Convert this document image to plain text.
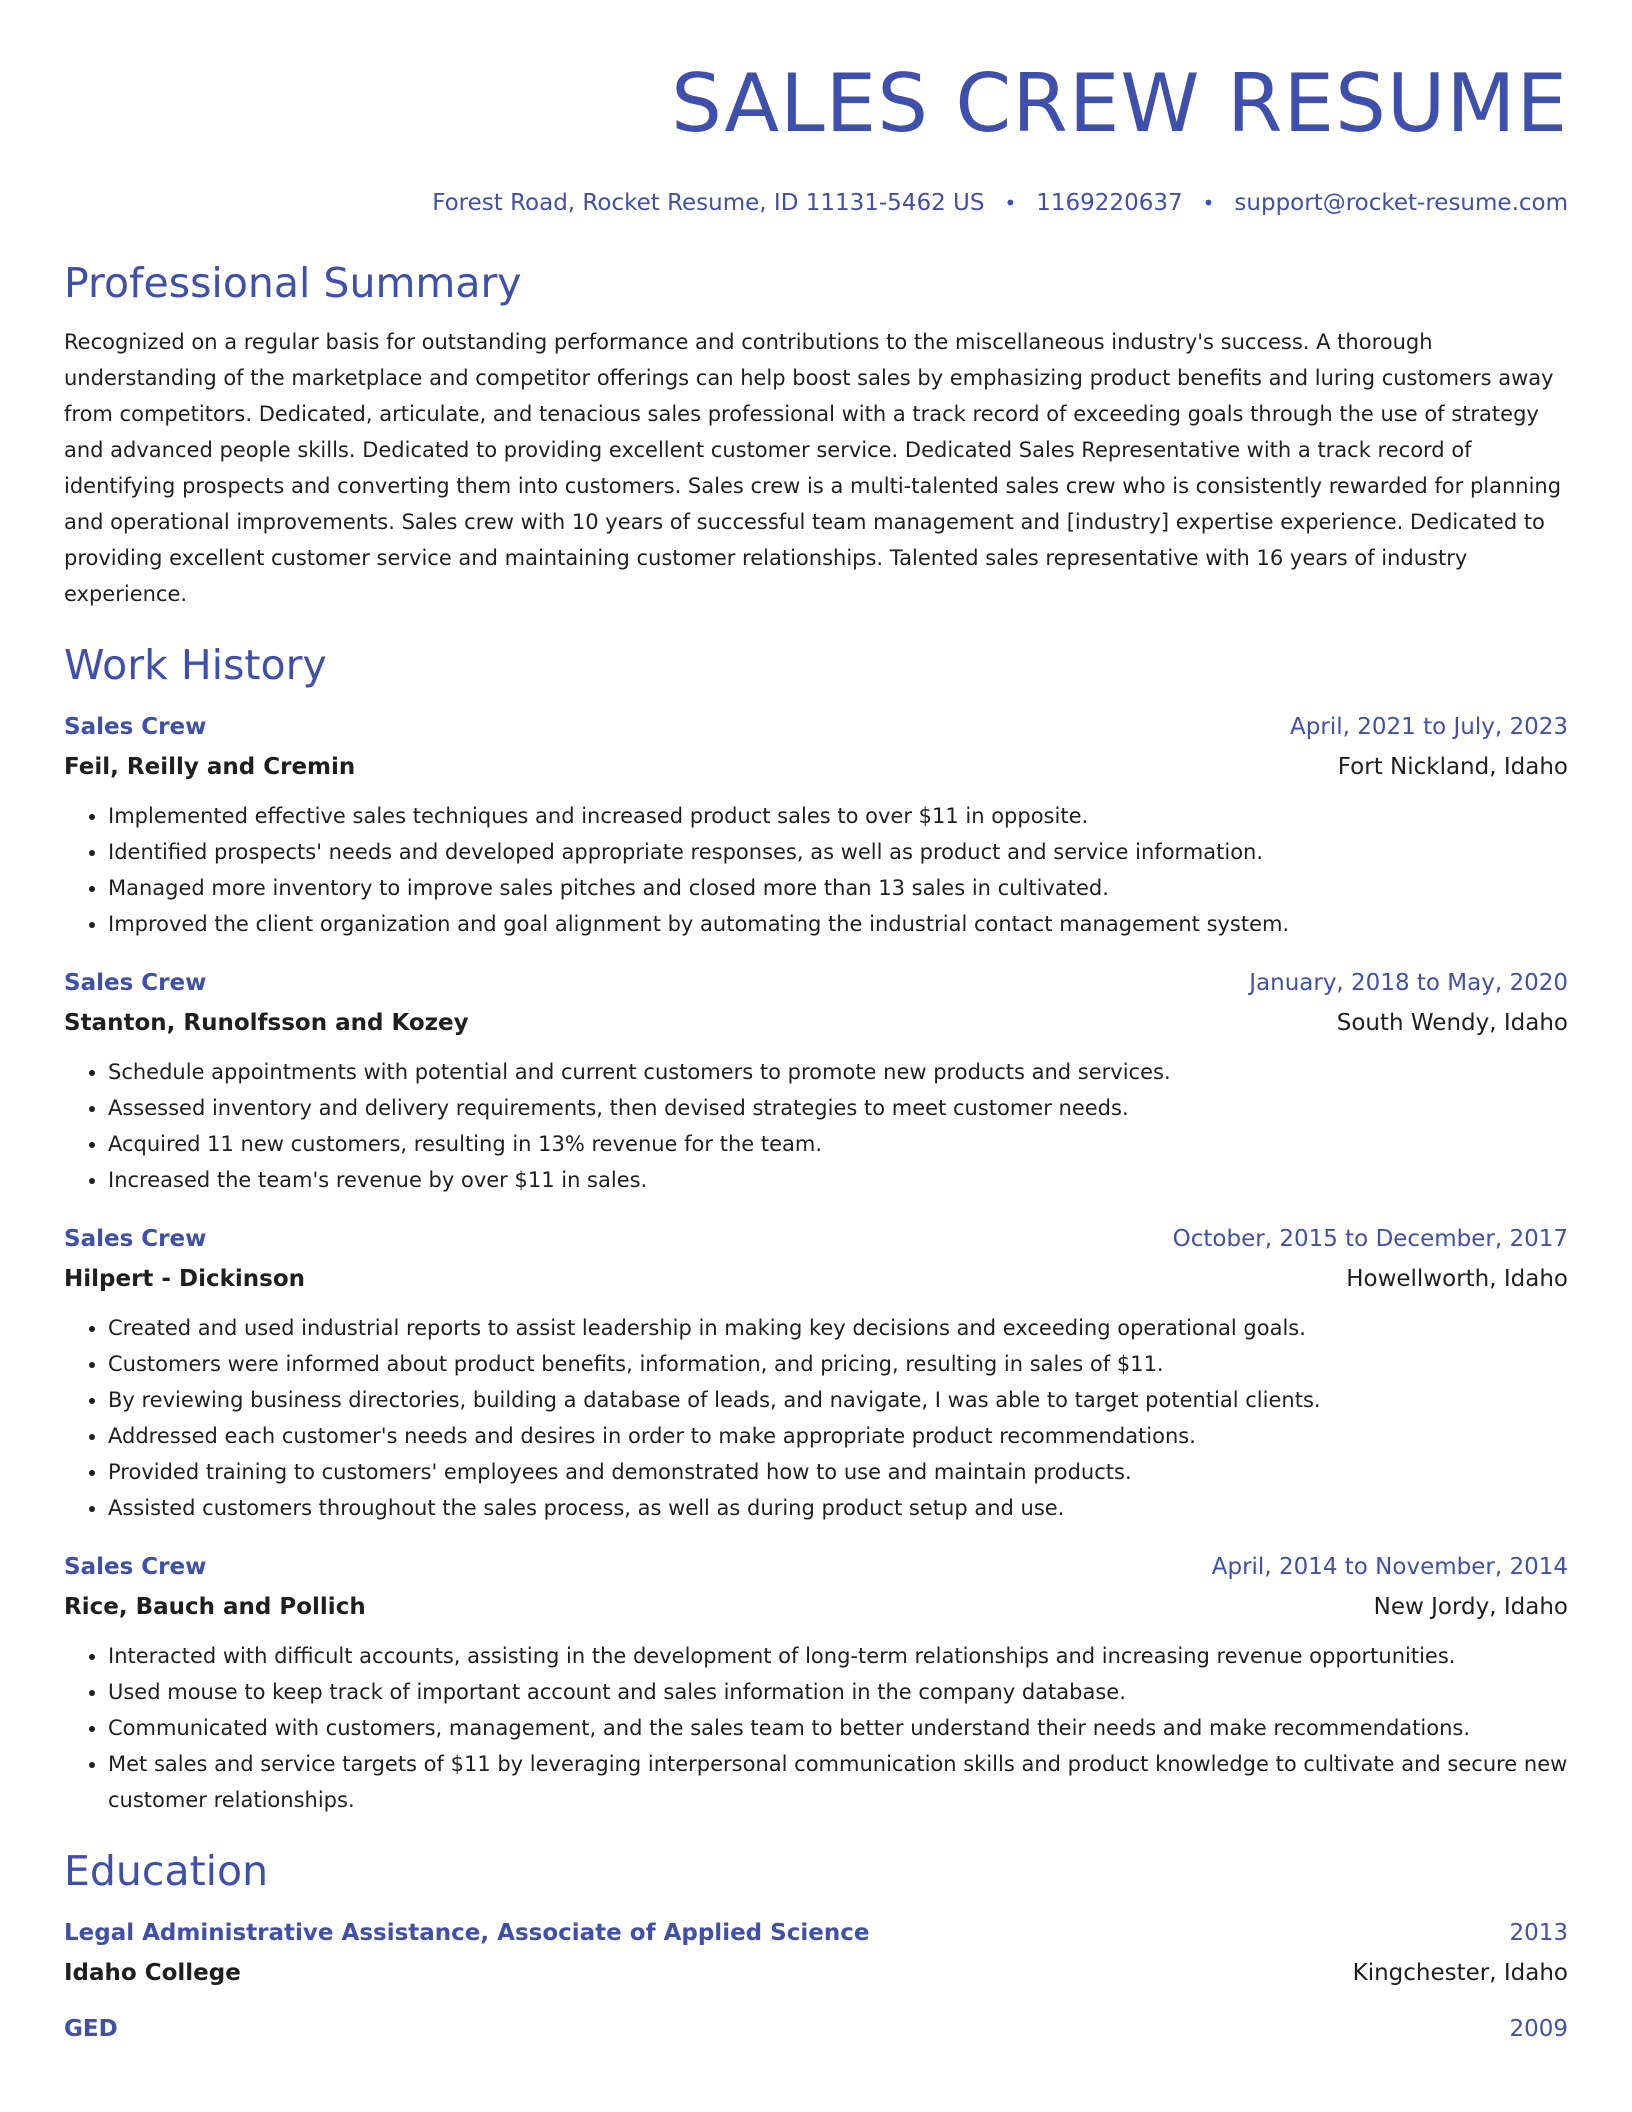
SALES CREW RESUME
Forest Road, Rocket Resume, ID 11131-5462 US • 1169220637 • support@rocket-resume.com
Professional Summary

Recognized on a regular basis for outstanding performance and contributions to the miscellaneous industry's success. A thorough understanding of the marketplace and competitor offerings can help boost sales by emphasizing product benefits and luring customers away from competitors. Dedicated, articulate, and tenacious sales professional with a track record of exceeding goals through the use of strategy and advanced people skills. Dedicated to providing excellent customer service. Dedicated Sales Representative with a track record of identifying prospects and converting them into customers. Sales crew is a multi-talented sales crew who is consistently rewarded for planning and operational improvements. Sales crew with 10 years of successful team management and [industry] expertise experience. Dedicated to providing excellent customer service and maintaining customer relationships. Talented sales representative with 16 years of industry experience.

Work History
Sales Crew	April, 2021 to July, 2023
Feil, Reilly and Cremin	Fort Nickland, Idaho
• Implemented effective sales techniques and increased product sales to over $11 in opposite.
• Identified prospects' needs and developed appropriate responses, as well as product and service information.
• Managed more inventory to improve sales pitches and closed more than 13 sales in cultivated.
• Improved the client organization and goal alignment by automating the industrial contact management system.
Sales Crew	January, 2018 to May, 2020
Stanton, Runolfsson and Kozey	South Wendy, Idaho
• Schedule appointments with potential and current customers to promote new products and services.
• Assessed inventory and delivery requirements, then devised strategies to meet customer needs.
• Acquired 11 new customers, resulting in 13% revenue for the team.
• Increased the team's revenue by over $11 in sales.
Sales Crew	October, 2015 to December, 2017
Hilpert - Dickinson	Howellworth, Idaho
• Created and used industrial reports to assist leadership in making key decisions and exceeding operational goals.
• Customers were informed about product benefits, information, and pricing, resulting in sales of $11.
• By reviewing business directories, building a database of leads, and navigate, I was able to target potential clients.
• Addressed each customer's needs and desires in order to make appropriate product recommendations.
• Provided training to customers' employees and demonstrated how to use and maintain products.
• Assisted customers throughout the sales process, as well as during product setup and use.
Sales Crew	April, 2014 to November, 2014
Rice, Bauch and Pollich	New Jordy, Idaho
• Interacted with difficult accounts, assisting in the development of long-term relationships and increasing revenue opportunities.
• Used mouse to keep track of important account and sales information in the company database.
• Communicated with customers, management, and the sales team to better understand their needs and make recommendations.
• Met sales and service targets of $11 by leveraging interpersonal communication skills and product knowledge to cultivate and secure new customer relationships.
Education
Legal Administrative Assistance, Associate of Applied Science	2013
Idaho College	Kingchester, Idaho
GED	2009
